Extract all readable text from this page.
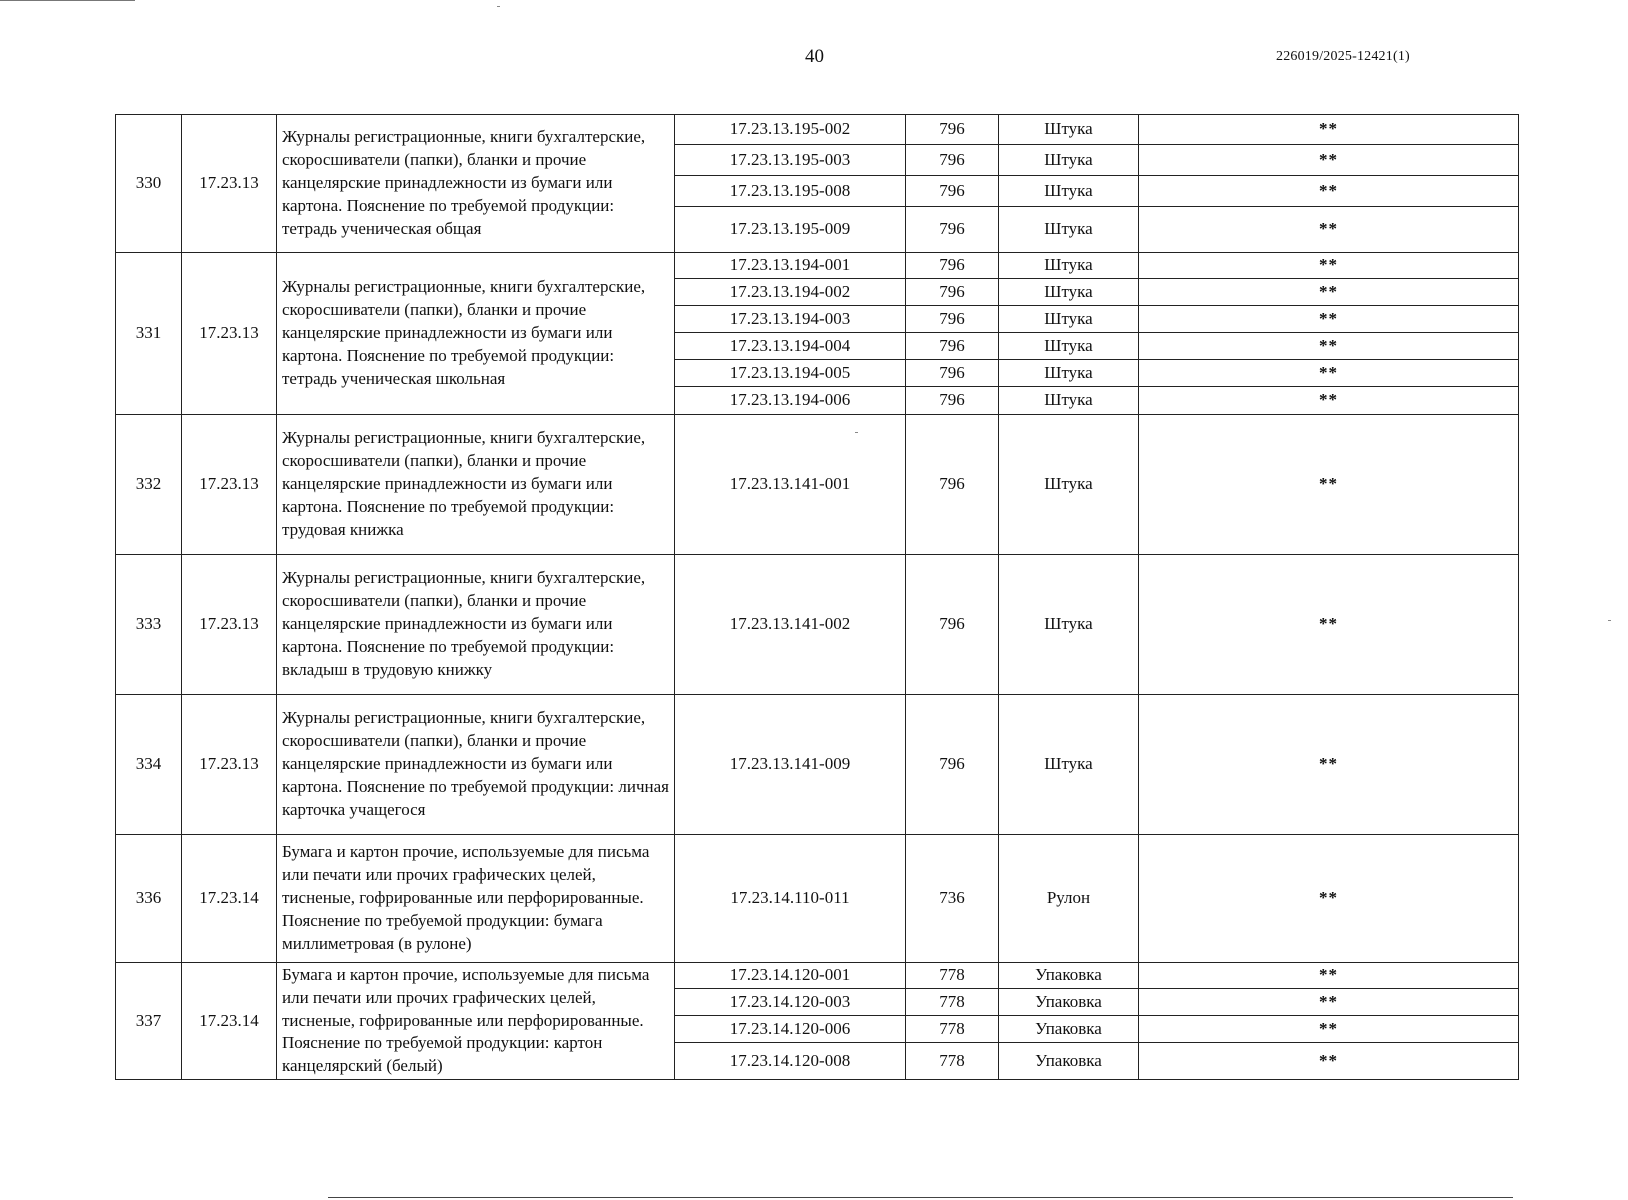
40	226019/2025-12421(1)
330	17.23.13	Журналы регистрационные, книги бухгалтерские, скоросшиватели (папки), бланки и прочие канцелярские принадлежности из бумаги или картона. Пояснение по требуемой продукции: тетрадь ученическая общая	17.23.13.195-002	796	Штука	**
			17.23.13.195-003	796	Штука	**
			17.23.13.195-008	796	Штука	**
			17.23.13.195-009	796	Штука	**
331	17.23.13	Журналы регистрационные, книги бухгалтерские, скоросшиватели (папки), бланки и прочие канцелярские принадлежности из бумаги или картона. Пояснение по требуемой продукции: тетрадь ученическая школьная	17.23.13.194-001	796	Штука	**
			17.23.13.194-002	796	Штука	**
			17.23.13.194-003	796	Штука	**
			17.23.13.194-004	796	Штука	**
			17.23.13.194-005	796	Штука	**
			17.23.13.194-006	796	Штука	**
332	17.23.13	Журналы регистрационные, книги бухгалтерские, скоросшиватели (папки), бланки и прочие канцелярские принадлежности из бумаги или картона. Пояснение по требуемой продукции: трудовая книжка	17.23.13.141-001	796	Штука	**
333	17.23.13	Журналы регистрационные, книги бухгалтерские, скоросшиватели (папки), бланки и прочие канцелярские принадлежности из бумаги или картона. Пояснение по требуемой продукции: вкладыш в трудовую книжку	17.23.13.141-002	796	Штука	**
334	17.23.13	Журналы регистрационные, книги бухгалтерские, скоросшиватели (папки), бланки и прочие канцелярские принадлежности из бумаги или картона. Пояснение по требуемой продукции: личная карточка учащегося	17.23.13.141-009	796	Штука	**
336	17.23.14	Бумага и картон прочие, используемые для письма или печати или прочих графических целей, тисненые, гофрированные или перфорированные. Пояснение по требуемой продукции: бумага миллиметровая (в рулоне)	17.23.14.110-011	736	Рулон	**
337	17.23.14	Бумага и картон прочие, используемые для письма или печати или прочих графических целей, тисненые, гофрированные или перфорированные. Пояснение по требуемой продукции: картон канцелярский (белый)	17.23.14.120-001	778	Упаковка	**
			17.23.14.120-003	778	Упаковка	**
			17.23.14.120-006	778	Упаковка	**
			17.23.14.120-008	778	Упаковка	**
